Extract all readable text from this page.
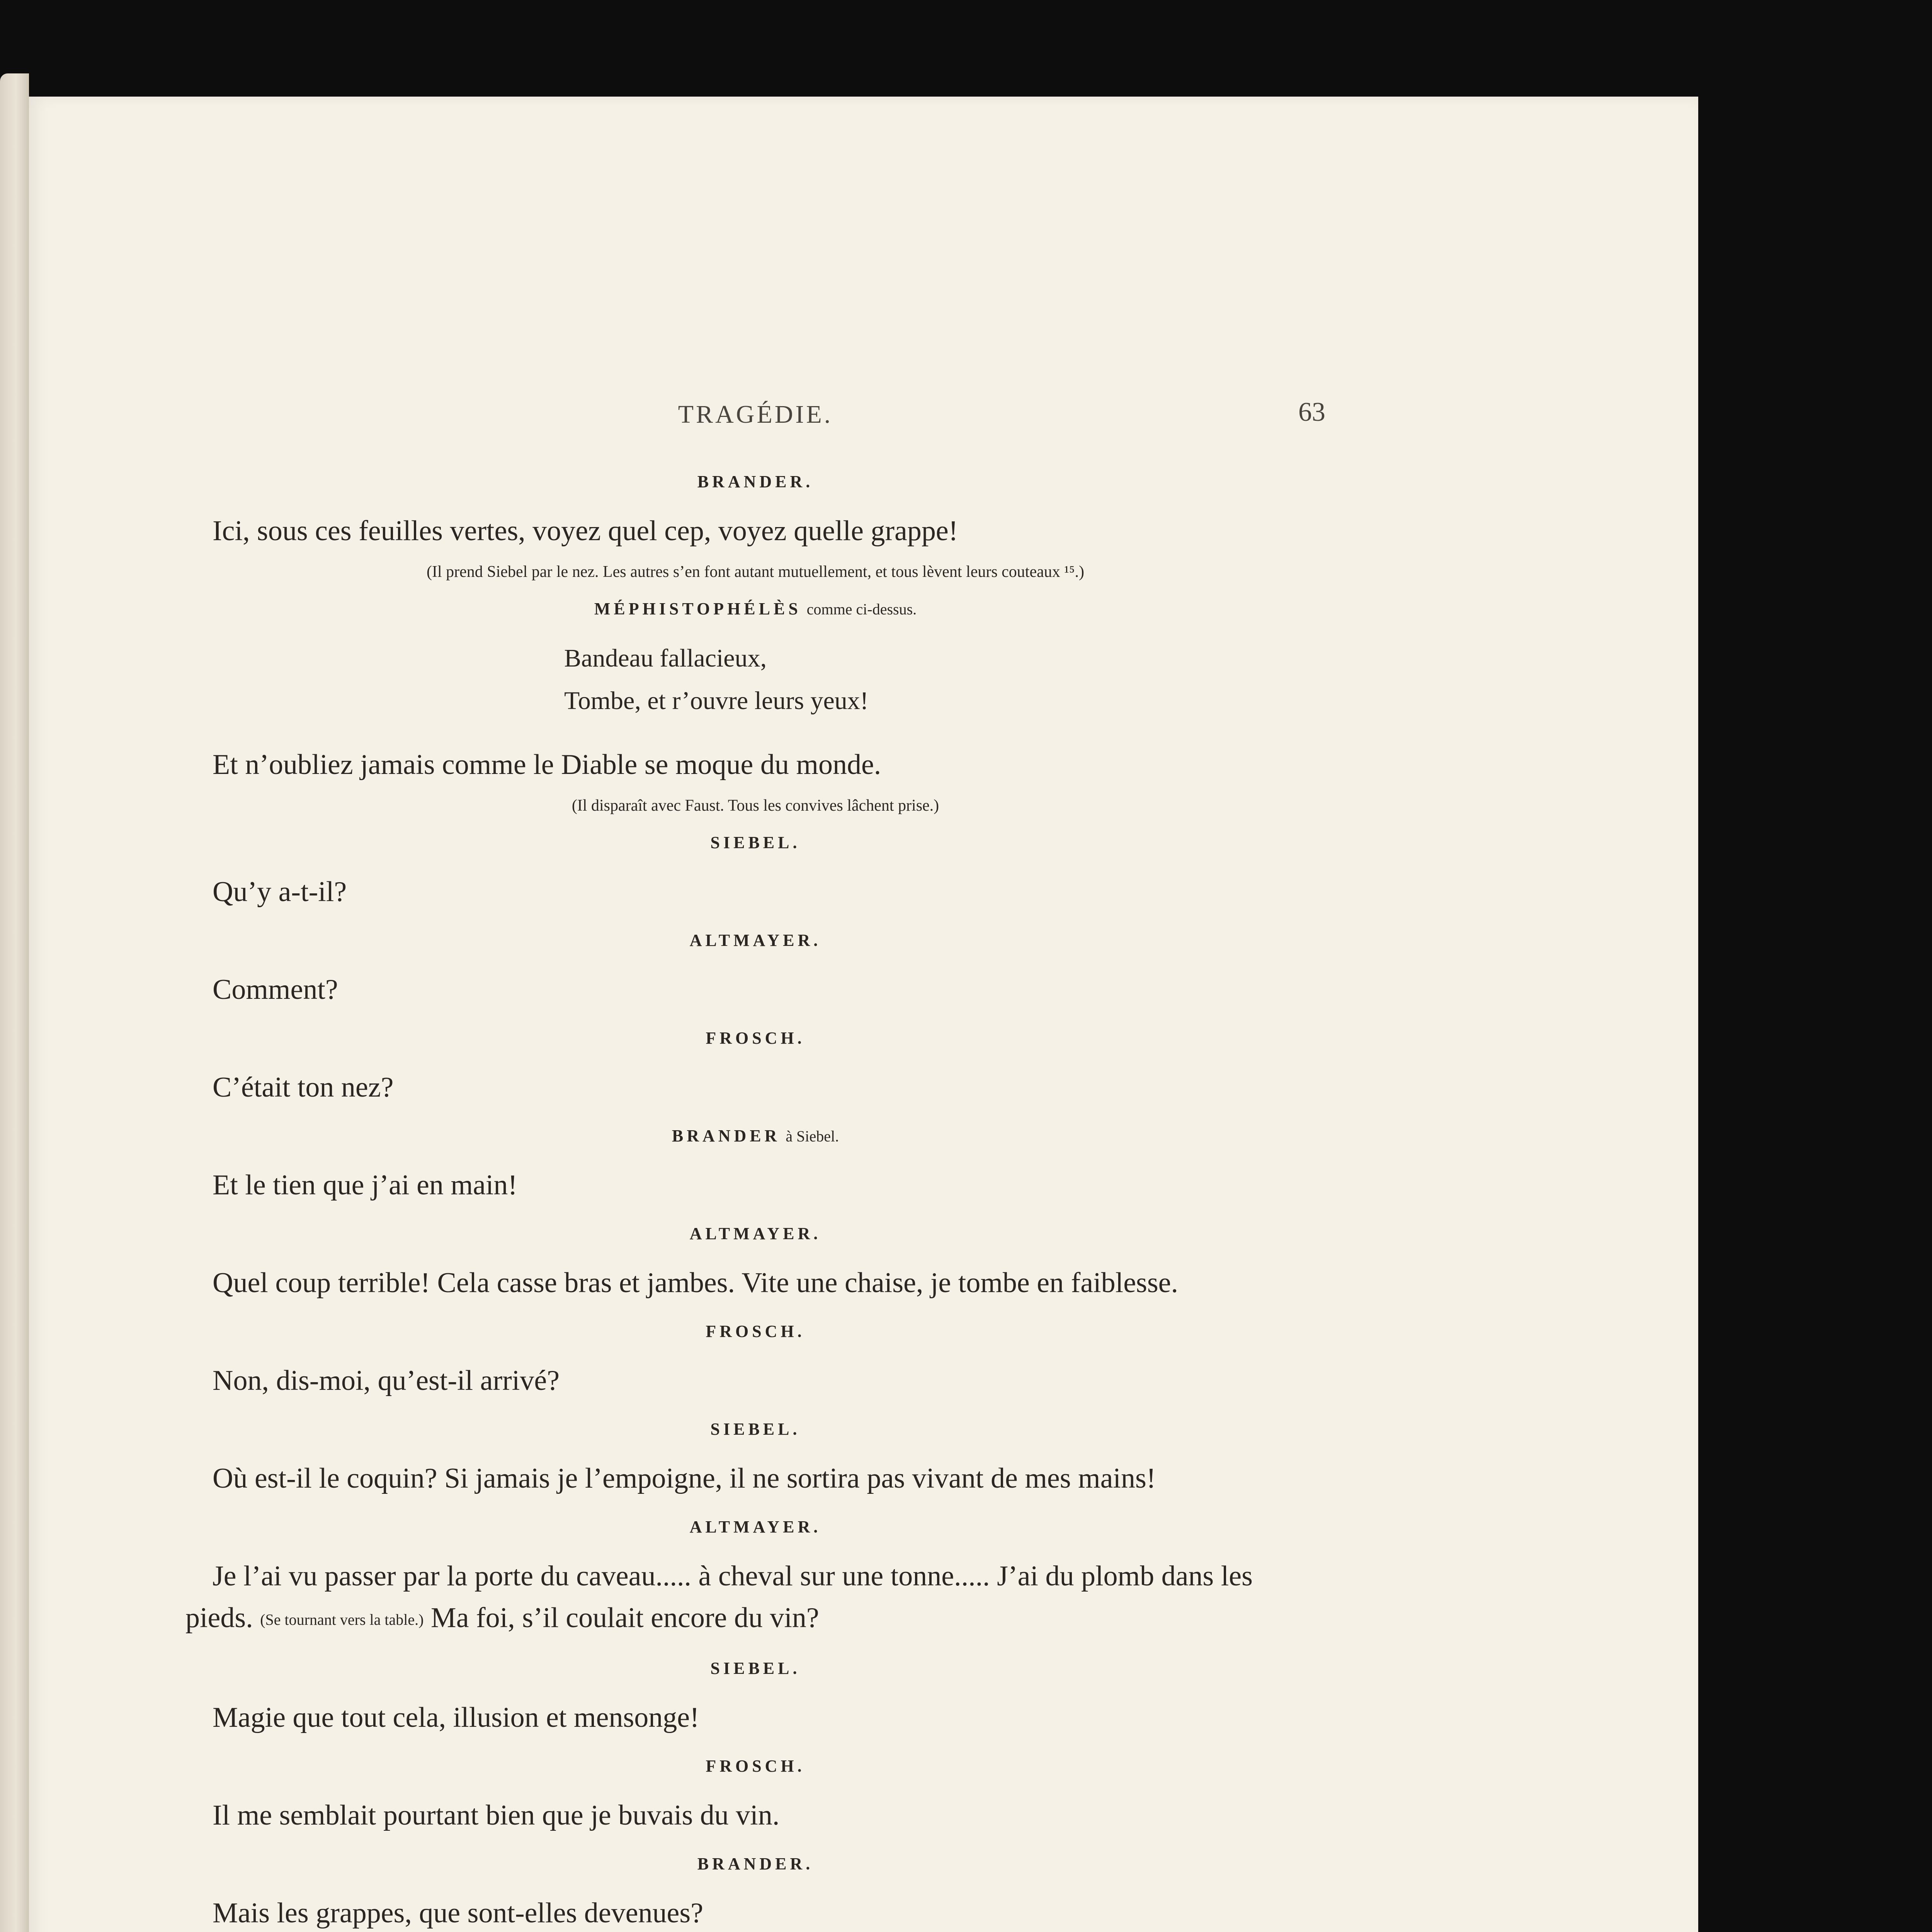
TRAGÉDIE.	63
BRANDER.

Ici, sous ces feuilles vertes, voyez quel cep, voyez quelle grappe!

(Il prend Siebel par le nez. Les autres s’en font autant mutuellement, et tous lèvent leurs couteaux ¹⁵.)
MÉPHISTOPHÉLÈS comme ci-dessus.
Bandeau fallacieux,
Tombe, et r’ouvre leurs yeux!

Et n’oubliez jamais comme le Diable se moque du monde.

(Il disparaît avec Faust. Tous les convives lâchent prise.)
SIEBEL.

Qu’y a-t-il?

ALTMAYER.

Comment?

FROSCH.

C’était ton nez?

BRANDER à Siebel.

Et le tien que j’ai en main!

ALTMAYER.

Quel coup terrible! Cela casse bras et jambes. Vite une chaise, je tombe en faiblesse.

FROSCH.

Non, dis-moi, qu’est-il arrivé?

SIEBEL.

Où est-il le coquin? Si jamais je l’empoigne, il ne sortira pas vivant de mes mains!

ALTMAYER.

Je l’ai vu passer par la porte du caveau..... à cheval sur une tonne..... J’ai du plomb dans les pieds. (Se tournant vers la table.) Ma foi, s’il coulait encore du vin?

SIEBEL.

Magie que tout cela, illusion et mensonge!

FROSCH.

Il me semblait pourtant bien que je buvais du vin.

BRANDER.

Mais les grappes, que sont-elles devenues?
